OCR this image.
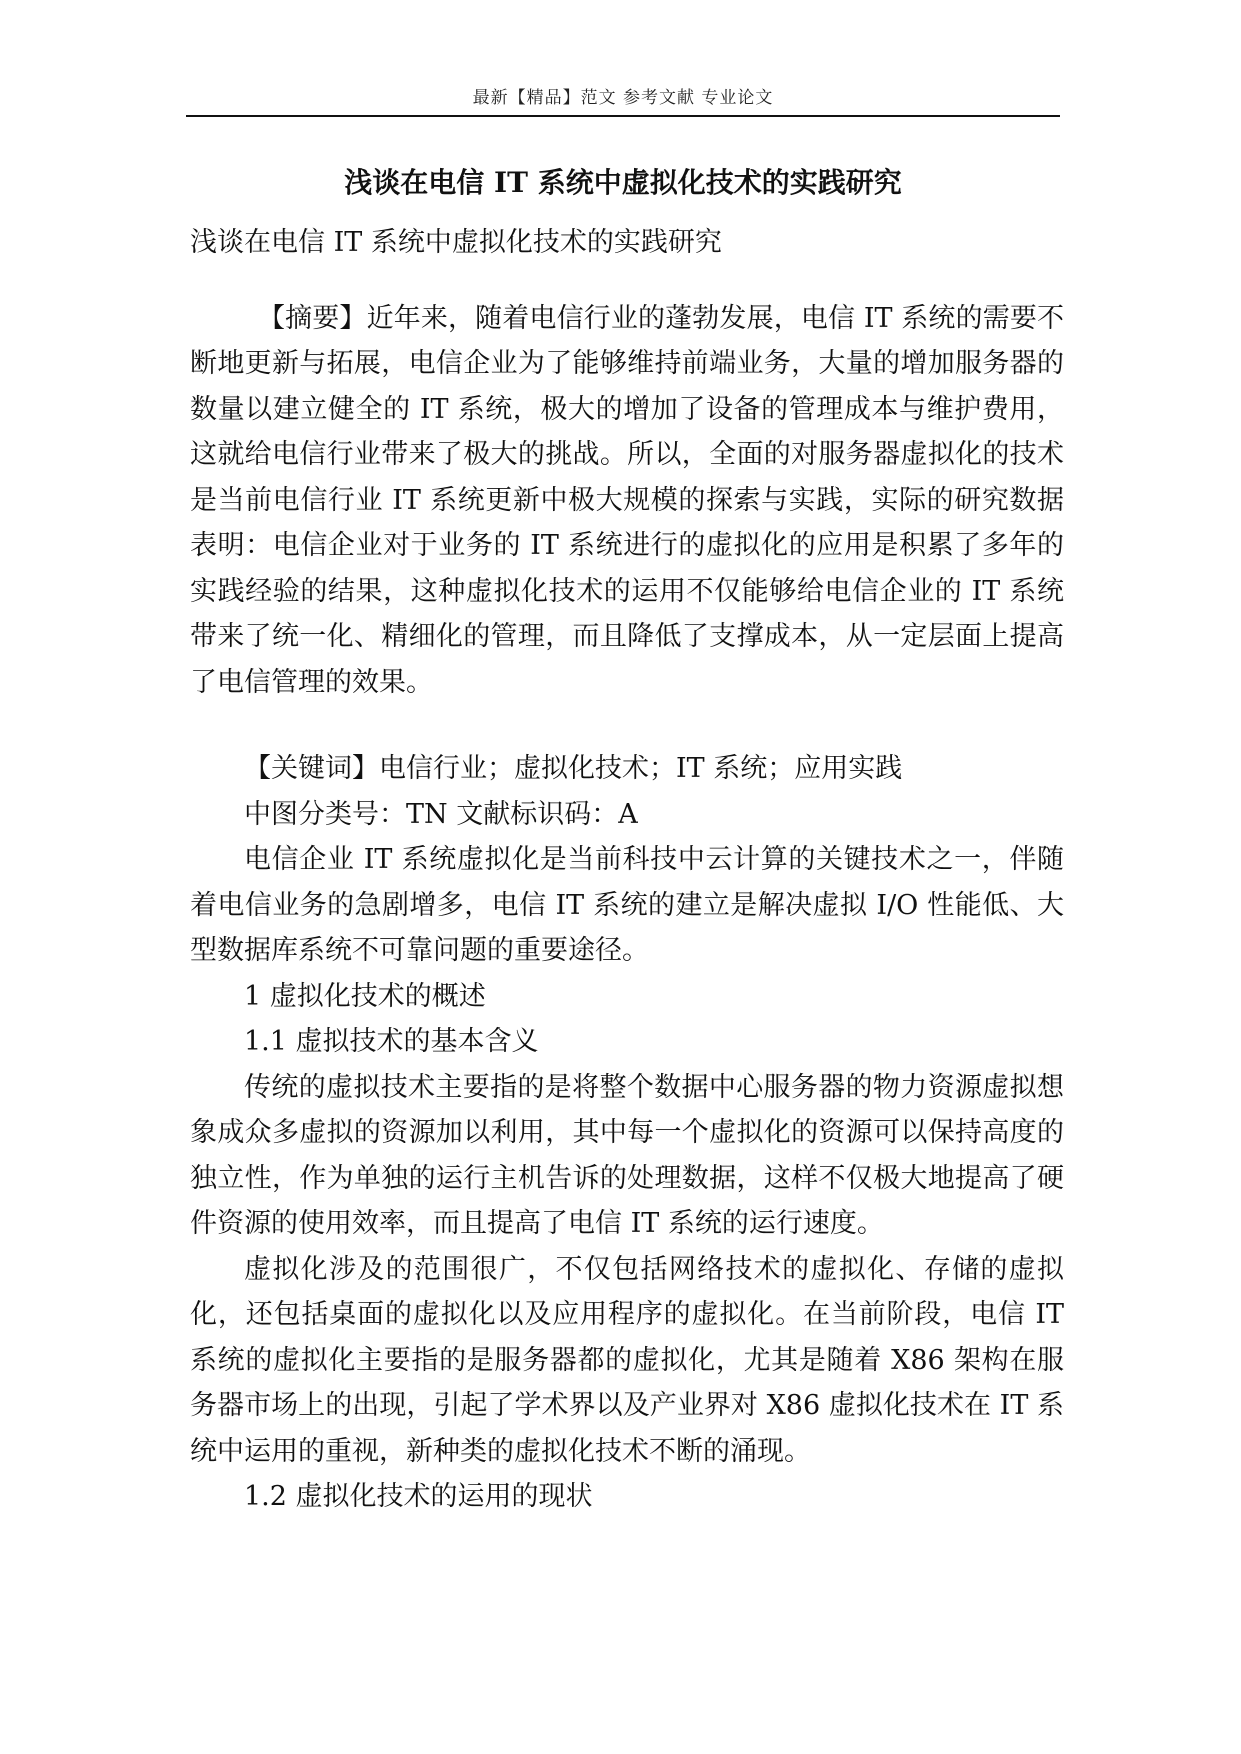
最新【精品】范文 参考文献 专业论文
浅谈在电信 IT 系统中虚拟化技术的实践研究

浅谈在电信 IT 系统中虚拟化技术的实践研究

【摘要】近年来，随着电信行业的蓬勃发展，电信 IT 系统的需要不断地更新与拓展，电信企业为了能够维持前端业务，大量的增加服务器的数量以建立健全的 IT 系统，极大的增加了设备的管理成本与维护费用，这就给电信行业带来了极大的挑战。所以，全面的对服务器虚拟化的技术是当前电信行业 IT 系统更新中极大规模的探索与实践，实际的研究数据表明：电信企业对于业务的 IT 系统进行的虚拟化的应用是积累了多年的实践经验的结果，这种虚拟化技术的运用不仅能够给电信企业的 IT 系统带来了统一化、精细化的管理，而且降低了支撑成本，从一定层面上提高了电信管理的效果。

【关键词】电信行业；虚拟化技术；IT 系统；应用实践

中图分类号：TN 文献标识码：A

电信企业 IT 系统虚拟化是当前科技中云计算的关键技术之一，伴随着电信业务的急剧增多，电信 IT 系统的建立是解决虚拟 I/O 性能低、大型数据库系统不可靠问题的重要途径。

1 虚拟化技术的概述

1.1 虚拟技术的基本含义

传统的虚拟技术主要指的是将整个数据中心服务器的物力资源虚拟想象成众多虚拟的资源加以利用，其中每一个虚拟化的资源可以保持高度的独立性，作为单独的运行主机告诉的处理数据，这样不仅极大地提高了硬件资源的使用效率，而且提高了电信 IT 系统的运行速度。

虚拟化涉及的范围很广，不仅包括网络技术的虚拟化、存储的虚拟化，还包括桌面的虚拟化以及应用程序的虚拟化。在当前阶段，电信 IT 系统的虚拟化主要指的是服务器都的虚拟化，尤其是随着 X86 架构在服务器市场上的出现，引起了学术界以及产业界对 X86 虚拟化技术在 IT 系统中运用的重视，新种类的虚拟化技术不断的涌现。

1.2 虚拟化技术的运用的现状
